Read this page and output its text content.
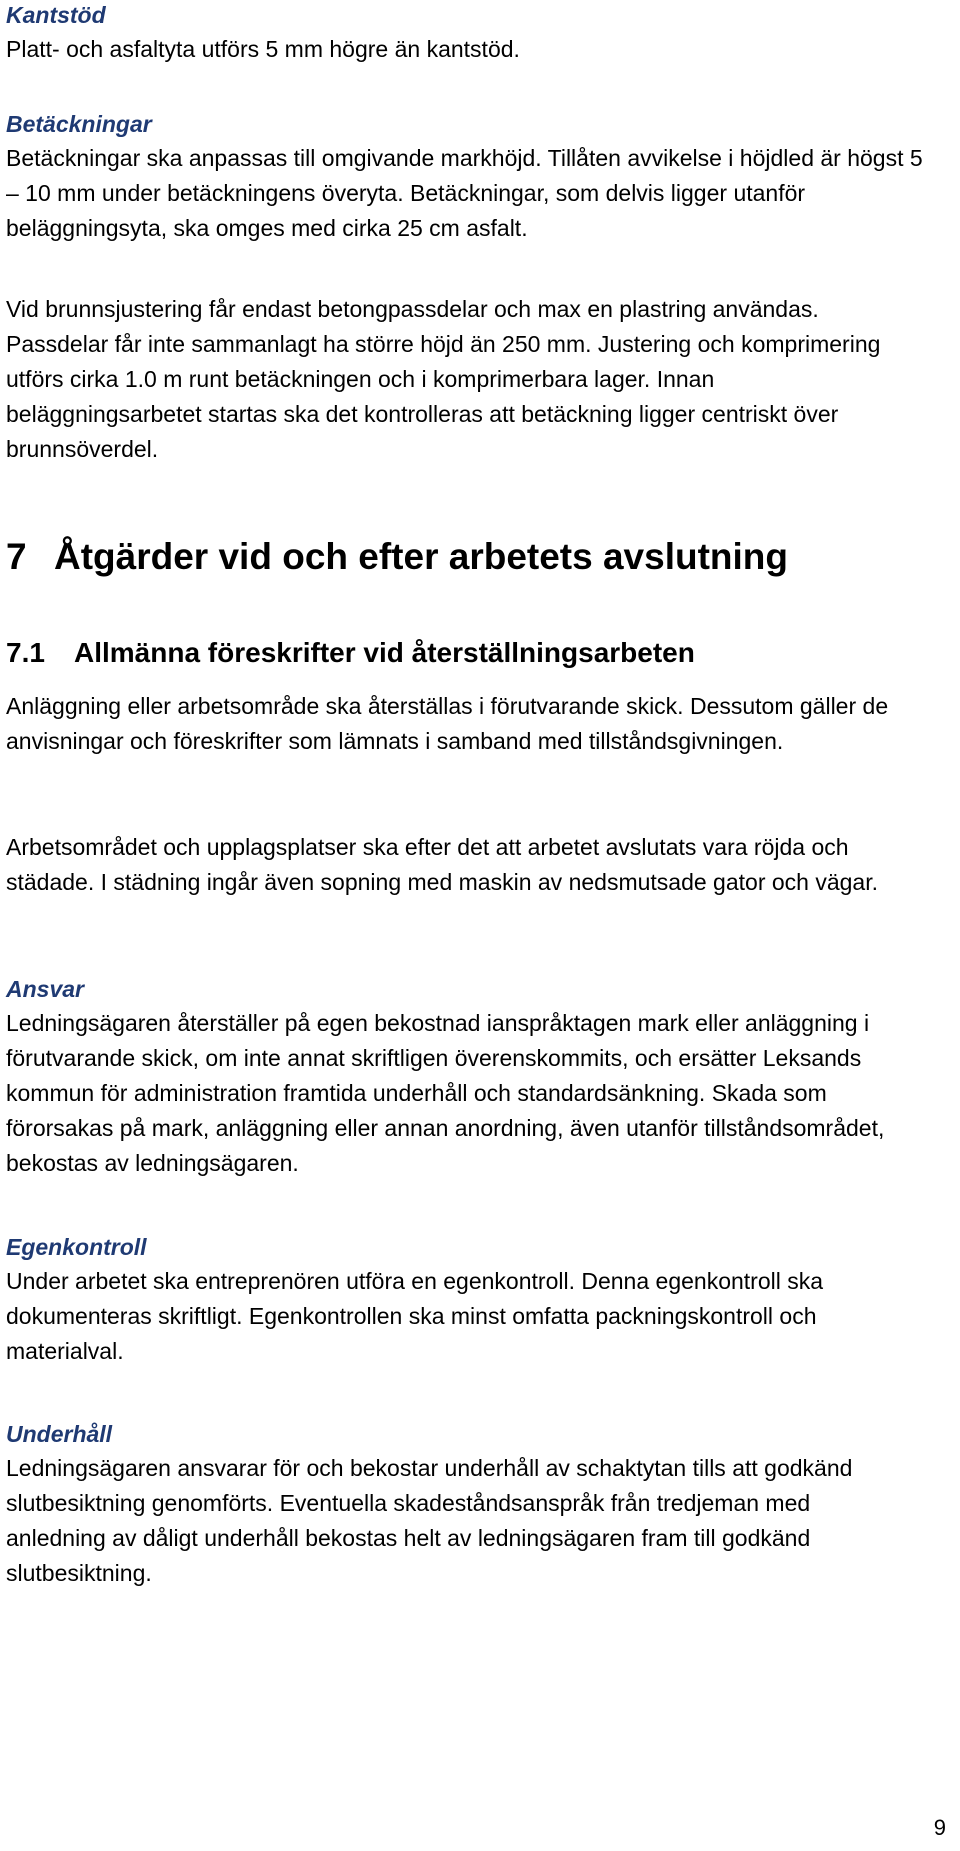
Kantstöd

Platt- och asfaltyta utförs 5 mm högre än kantstöd.

Betäckningar

Betäckningar ska anpassas till omgivande markhöjd. Tillåten avvikelse i höjdled är högst 5 – 10 mm under betäckningens överyta. Betäckningar, som delvis ligger utanför beläggningsyta, ska omges med cirka 25 cm asfalt.

Vid brunnsjustering får endast betongpassdelar och max en plastring användas. Passdelar får inte sammanlagt ha större höjd än 250 mm. Justering och komprimering utförs cirka 1.0 m runt betäckningen och i komprimerbara lager. Innan beläggningsarbetet startas ska det kontrolleras att betäckning ligger centriskt över brunnsöverdel.

7 Åtgärder vid och efter arbetets avslutning

7.1 Allmänna föreskrifter vid återställningsarbeten

Anläggning eller arbetsområde ska återställas i förutvarande skick. Dessutom gäller de anvisningar och föreskrifter som lämnats i samband med tillståndsgivningen.

Arbetsområdet och upplagsplatser ska efter det att arbetet avslutats vara röjda och städade. I städning ingår även sopning med maskin av nedsmutsade gator och vägar.

Ansvar

Ledningsägaren återställer på egen bekostnad ianspråktagen mark eller anläggning i förutvarande skick, om inte annat skriftligen överenskommits, och ersätter Leksands kommun för administration framtida underhåll och standardsänkning. Skada som förorsakas på mark, anläggning eller annan anordning, även utanför tillståndsområdet, bekostas av ledningsägaren.

Egenkontroll

Under arbetet ska entreprenören utföra en egenkontroll. Denna egenkontroll ska dokumenteras skriftligt. Egenkontrollen ska minst omfatta packningskontroll och materialval.

Underhåll

Ledningsägaren ansvarar för och bekostar underhåll av schaktytan tills att godkänd slutbesiktning genomförts. Eventuella skadeståndsanspråk från tredjeman med anledning av dåligt underhåll bekostas helt av ledningsägaren fram till godkänd slutbesiktning.

9
